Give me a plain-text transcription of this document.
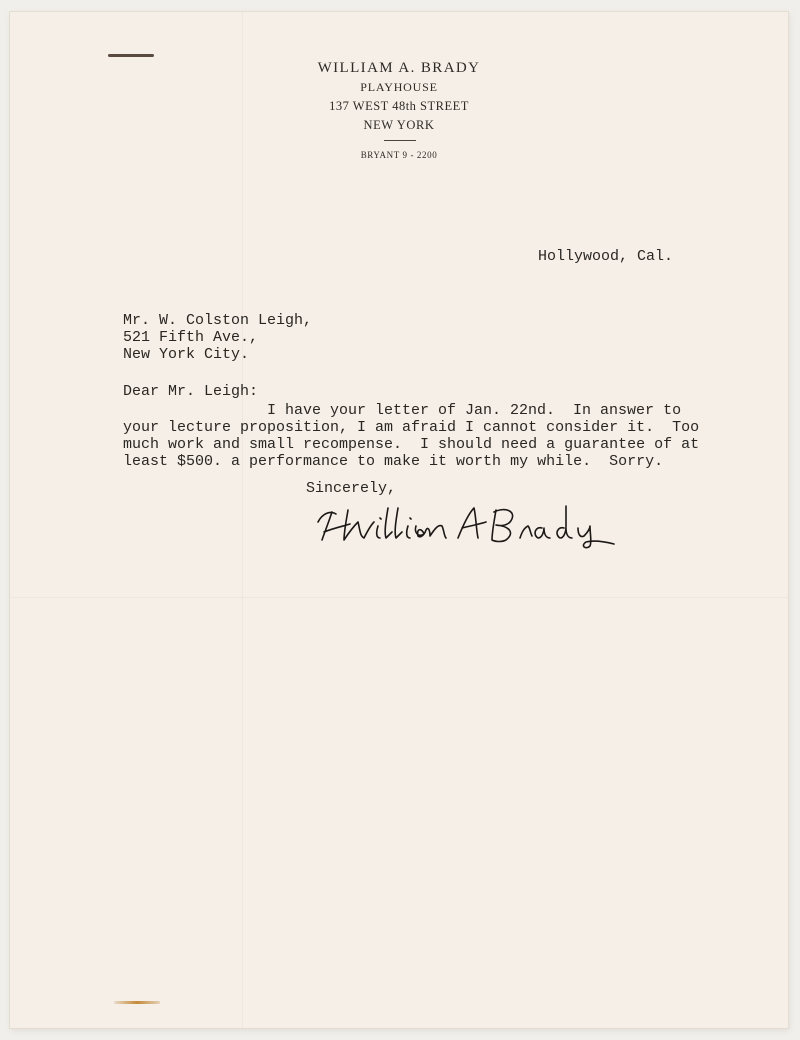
WILLIAM A. BRADY
PLAYHOUSE
137 WEST 48th STREET
NEW YORK
BRYANT 9 - 2200
Hollywood, Cal.
Mr. W. Colston Leigh,
521 Fifth Ave.,
New York City.
Dear Mr. Leigh:
I have your letter of Jan. 22nd.  In answer to
your lecture proposition, I am afraid I cannot consider it.  Too
much work and small recompense.  I should need a guarantee of at
least $500. a performance to make it worth my while.  Sorry.
Sincerely,
